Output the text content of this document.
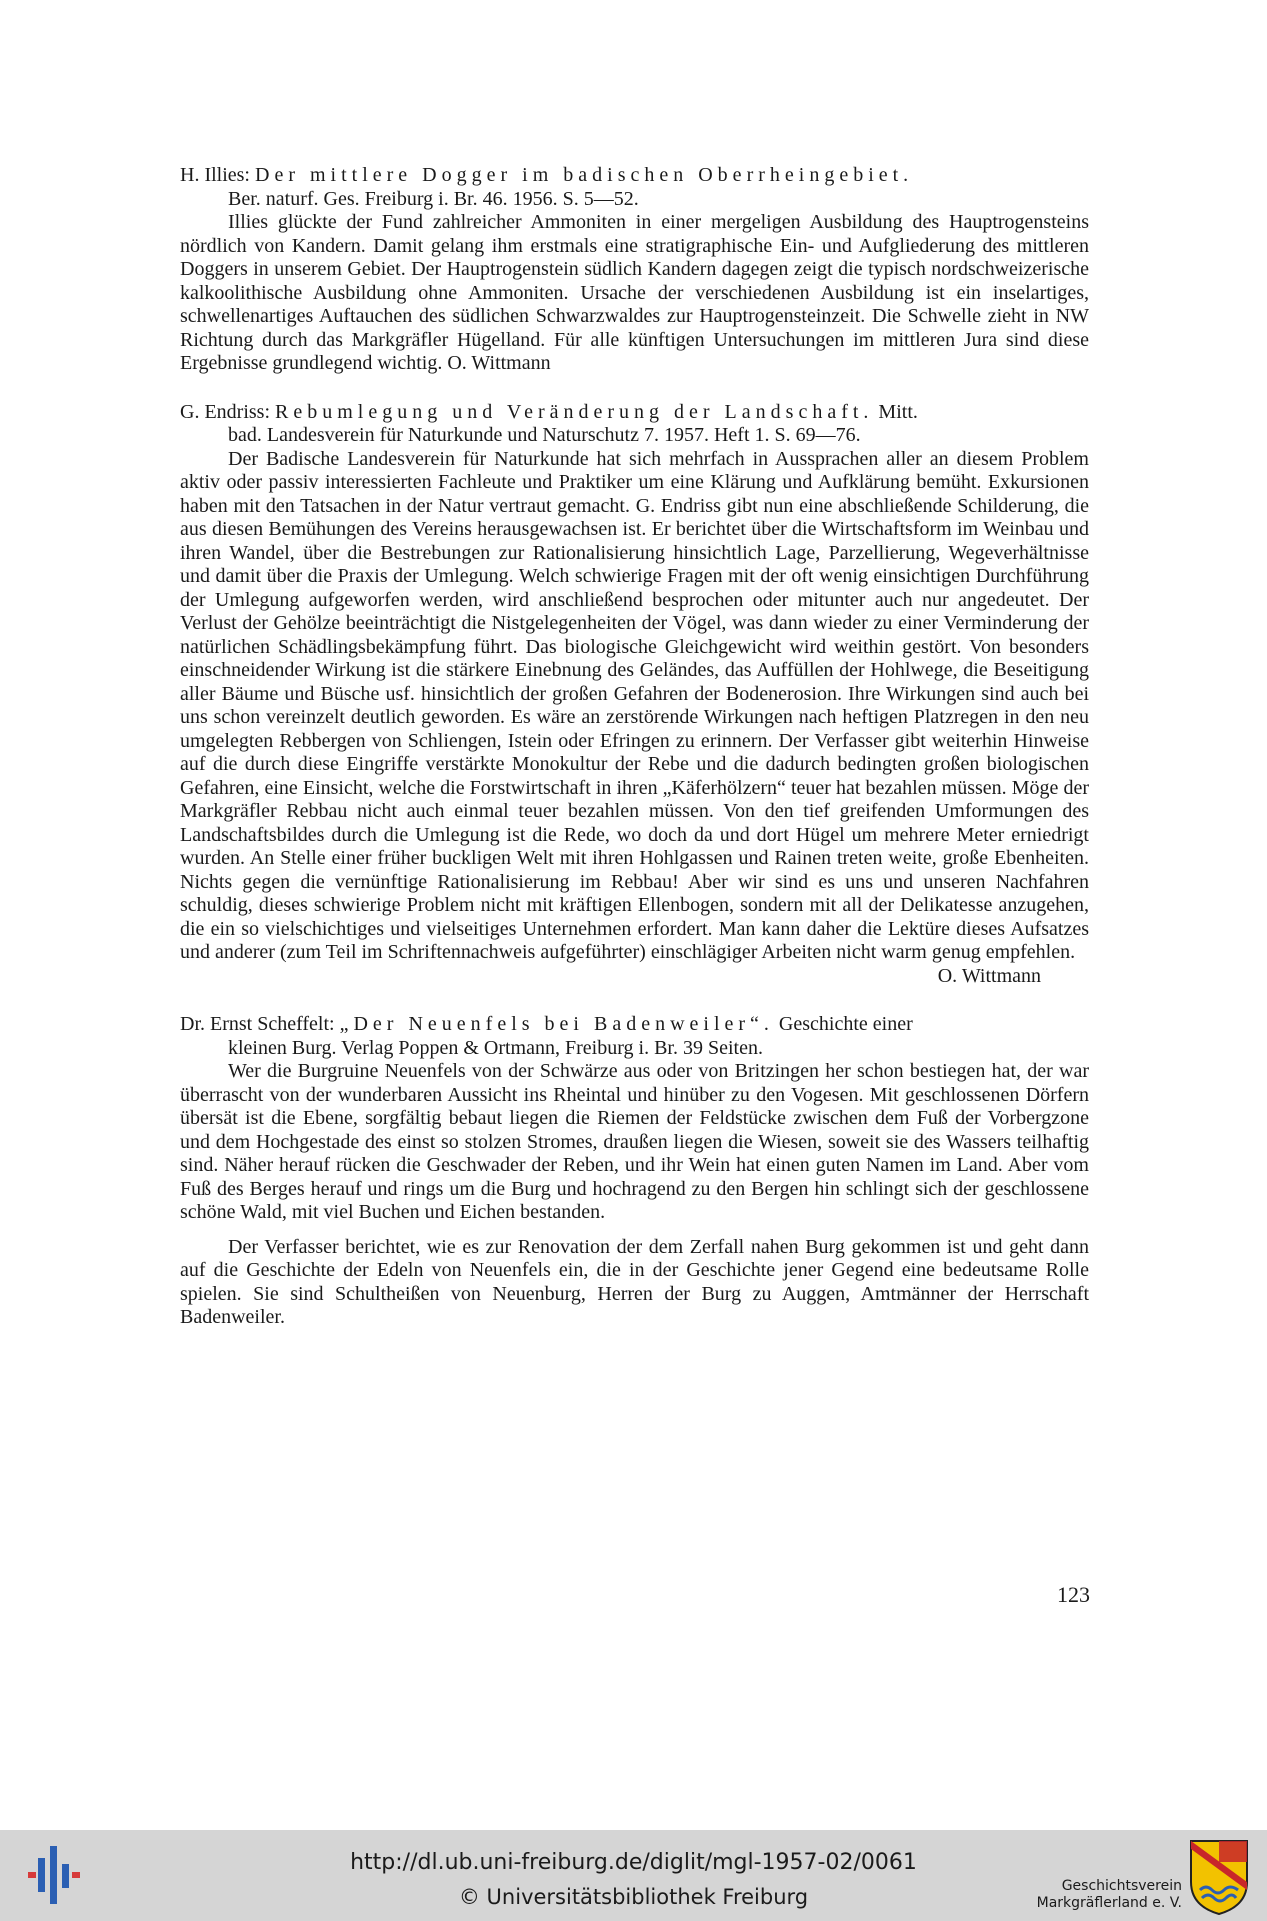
H. Illies: Der mittlere Dogger im badischen Oberrheingebiet.
Ber. naturf. Ges. Freiburg i. Br. 46. 1956. S. 5—52.

Illies glückte der Fund zahlreicher Ammoniten in einer mergeligen Ausbildung des Hauptrogensteins nördlich von Kandern. Damit gelang ihm erstmals eine stratigraphische Ein- und Aufgliederung des mittleren Doggers in unserem Gebiet. Der Hauptrogenstein südlich Kandern dagegen zeigt die typisch nordschweizerische kalkoolithische Ausbildung ohne Ammoniten. Ursache der verschiedenen Ausbildung ist ein inselartiges, schwellenartiges Auftauchen des südlichen Schwarzwaldes zur Hauptrogensteinzeit. Die Schwelle zieht in NW Richtung durch das Markgräfler Hügelland. Für alle künftigen Untersuchungen im mittleren Jura sind diese Ergebnisse grundlegend wichtig. O. Wittmann

G. Endriss: Rebumlegung und Veränderung der Landschaft. Mitt.
bad. Landesverein für Naturkunde und Naturschutz 7. 1957. Heft 1. S. 69—76.

Der Badische Landesverein für Naturkunde hat sich mehrfach in Aussprachen aller an diesem Problem aktiv oder passiv interessierten Fachleute und Praktiker um eine Klärung und Aufklärung bemüht. Exkursionen haben mit den Tatsachen in der Natur vertraut gemacht. G. Endriss gibt nun eine abschließende Schilderung, die aus diesen Bemühungen des Vereins herausgewachsen ist. Er berichtet über die Wirtschaftsform im Weinbau und ihren Wandel, über die Bestrebungen zur Rationalisierung hinsichtlich Lage, Parzellierung, Wegeverhältnisse und damit über die Praxis der Umlegung. Welch schwierige Fragen mit der oft wenig einsichtigen Durchführung der Umlegung aufgeworfen werden, wird anschließend besprochen oder mitunter auch nur angedeutet. Der Verlust der Gehölze beeinträchtigt die Nistgelegenheiten der Vögel, was dann wieder zu einer Verminderung der natürlichen Schädlingsbekämpfung führt. Das biologische Gleichgewicht wird weithin gestört. Von besonders einschneidender Wirkung ist die stärkere Einebnung des Geländes, das Auffüllen der Hohlwege, die Beseitigung aller Bäume und Büsche usf. hinsichtlich der großen Gefahren der Bodenerosion. Ihre Wirkungen sind auch bei uns schon vereinzelt deutlich geworden. Es wäre an zerstörende Wirkungen nach heftigen Platzregen in den neu umgelegten Rebbergen von Schliengen, Istein oder Efringen zu erinnern. Der Verfasser gibt weiterhin Hinweise auf die durch diese Eingriffe verstärkte Monokultur der Rebe und die dadurch bedingten großen biologischen Gefahren, eine Einsicht, welche die Forstwirtschaft in ihren „Käferhölzern“ teuer hat bezahlen müssen. Möge der Markgräfler Rebbau nicht auch einmal teuer bezahlen müssen. Von den tief greifenden Umformungen des Landschaftsbildes durch die Umlegung ist die Rede, wo doch da und dort Hügel um mehrere Meter erniedrigt wurden. An Stelle einer früher buckligen Welt mit ihren Hohlgassen und Rainen treten weite, große Ebenheiten. Nichts gegen die vernünftige Rationalisierung im Rebbau! Aber wir sind es uns und unseren Nachfahren schuldig, dieses schwierige Problem nicht mit kräftigen Ellenbogen, sondern mit all der Delikatesse anzugehen, die ein so vielschichtiges und vielseitiges Unternehmen erfordert. Man kann daher die Lektüre dieses Aufsatzes und anderer (zum Teil im Schriftennachweis aufgeführter) einschlägiger Arbeiten nicht warm genug empfehlen.
O. Wittmann

Dr. Ernst Scheffelt: „Der Neuenfels bei Badenweiler“. Geschichte einer
kleinen Burg. Verlag Poppen & Ortmann, Freiburg i. Br. 39 Seiten.

Wer die Burgruine Neuenfels von der Schwärze aus oder von Britzingen her schon bestiegen hat, der war überrascht von der wunderbaren Aussicht ins Rheintal und hinüber zu den Vogesen. Mit geschlossenen Dörfern übersät ist die Ebene, sorgfältig bebaut liegen die Riemen der Feldstücke zwischen dem Fuß der Vorbergzone und dem Hochgestade des einst so stolzen Stromes, draußen liegen die Wiesen, soweit sie des Wassers teilhaftig sind. Näher herauf rücken die Geschwader der Reben, und ihr Wein hat einen guten Namen im Land. Aber vom Fuß des Berges herauf und rings um die Burg und hochragend zu den Bergen hin schlingt sich der geschlossene schöne Wald, mit viel Buchen und Eichen bestanden.

Der Verfasser berichtet, wie es zur Renovation der dem Zerfall nahen Burg gekommen ist und geht dann auf die Geschichte der Edeln von Neuenfels ein, die in der Geschichte jener Gegend eine bedeutsame Rolle spielen. Sie sind Schultheißen von Neuenburg, Herren der Burg zu Auggen, Amtmänner der Herrschaft Badenweiler.

123
http://dl.ub.uni-freiburg.de/diglit/mgl-1957-02/0061
© Universitätsbibliothek Freiburg	Geschichtsverein
Markgräflerland e. V.
